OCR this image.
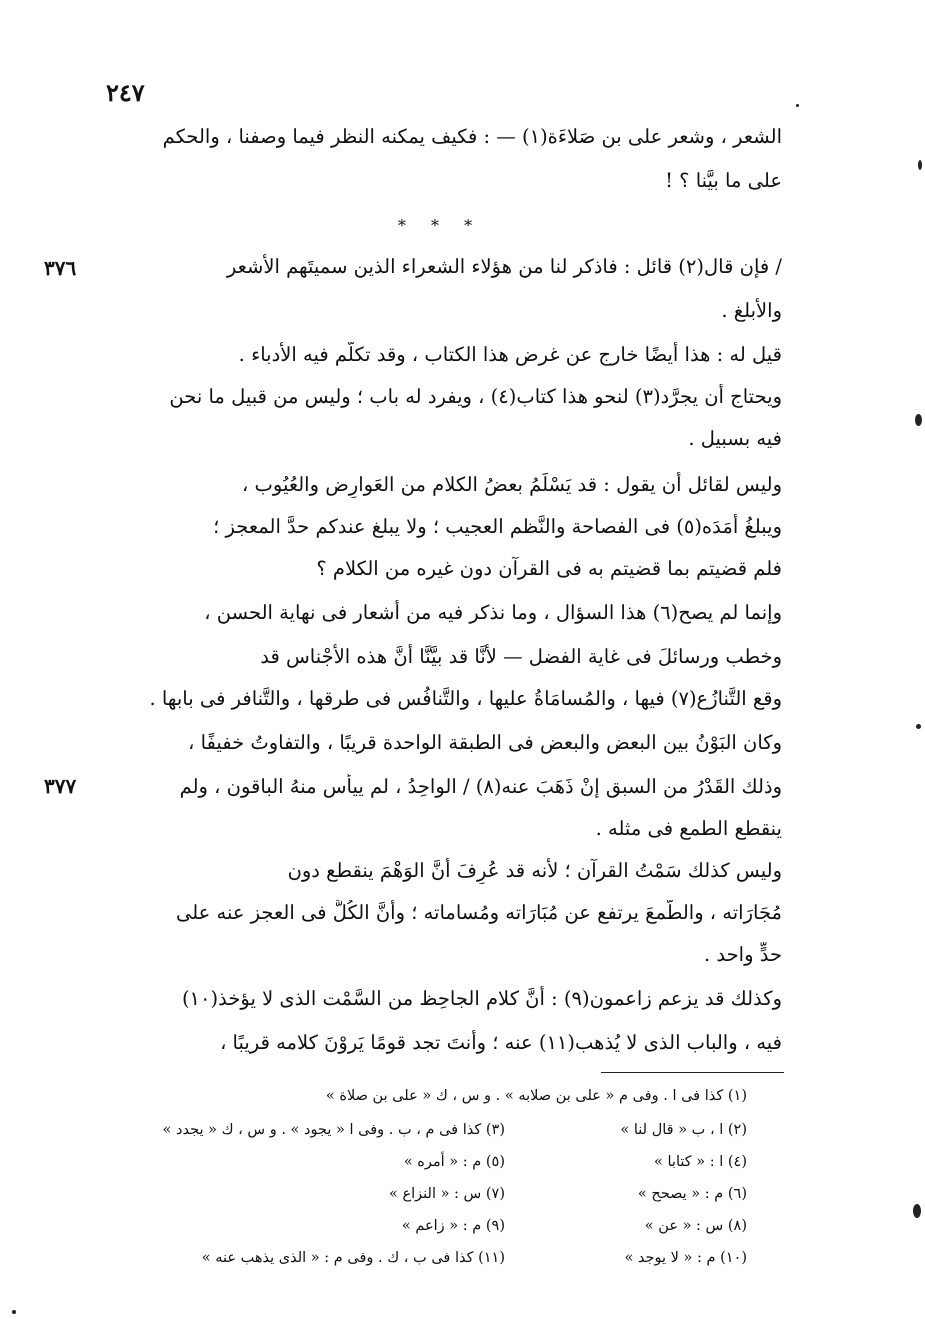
٢٤٧
الشعر ، وشعر على بن صَلاءَة(١) — : فكيف يمكنه النظر فيما وصفنا ، والحكم
على ما بيَّنا ؟ !
* * *
/ فإن قال(٢) قائل : فاذكر لنا من هؤلاء الشعراء الذين سميتَهم الأشعر
والأبلغ .
قيل له : هذا أيضًا خارج عن غرض هذا الكتاب ، وقد تكلَّم فيه الأدباء .
ويحتاج أن يجرَّد(٣) لنحو هذا كتاب(٤) ، ويفرد له باب ؛ وليس من قبيل ما نحن
فيه بسبيل .
وليس لقائل أن يقول : قد يَسْلَمُ بعضُ الكلام من العَوارِض والعُيُوب ،
ويبلغُ أَمَدَه(٥) فى الفصاحة والنَّظم العجيب ؛ ولا يبلغ عندكم حدَّ المعجز ؛
فلم قضيتم بما قضيتم به فى القرآن دون غيره من الكلام ؟
وإنما لم يصح(٦) هذا السؤال ، وما نذكر فيه من أشعار فى نهاية الحسن ،
وخطب ورسائلَ فى غاية الفضل — لأنَّا قد بيَّنَّا أنَّ هذه الأجْناس قد
وقع التَّنازُع(٧) فيها ، والمُسامَاةُ عليها ، والتَّنافُس فى طرقها ، والتَّنافر فى بابها .
وكان البَوْنُ بين البعض والبعض فى الطبقة الواحدة قريبًا ، والتفاوتُ خفيفًا ،
وذلك القَدْرُ من السبق إنْ ذَهَبَ عنه(٨) / الواحِدُ ، لم ييأس منهُ الباقون ، ولم
ينقطع الطمع فى مثله .
وليس كذلك سَمْتُ القرآن ؛ لأنه قد عُرِفَ أنَّ الوَهْمَ ينقطع دون
مُجَارَاته ، والطَّمعَ يرتفع عن مُبَارَاته ومُساماته ؛ وأنَّ الكُلَّ فى العجز عنه على
حدٍّ واحد .
وكذلك قد يزعم زاعمون(٩) : أنَّ كلام الجاحِظ من السَّمْت الذى لا يؤخذ(١٠)
فيه ، والباب الذى لا يُذهب(١١) عنه ؛ وأنتَ تجد قومًا يَروْنَ كلامه قريبًا ،
٣٧٦
٣٧٧
(١) كذا فى ا . وفى م « على بن صلابه » . و س ، ك « على بن صلاة »
(٢) ا ، ب « قال لنا »
(٣) كذا فى م ، ب . وفى ا « يجود » . و س ، ك « يجدد »
(٤) ا : « كتابا »
(٥) م : « أمره »
(٦) م : « يصحح »
(٧) س : « النزاع »
(٨) س : « عن »
(٩) م : « زاعم »
(١٠) م : « لا يوجد »
(١١) كذا فى ب ، ك . وفى م : « الذى يذهب عنه »
